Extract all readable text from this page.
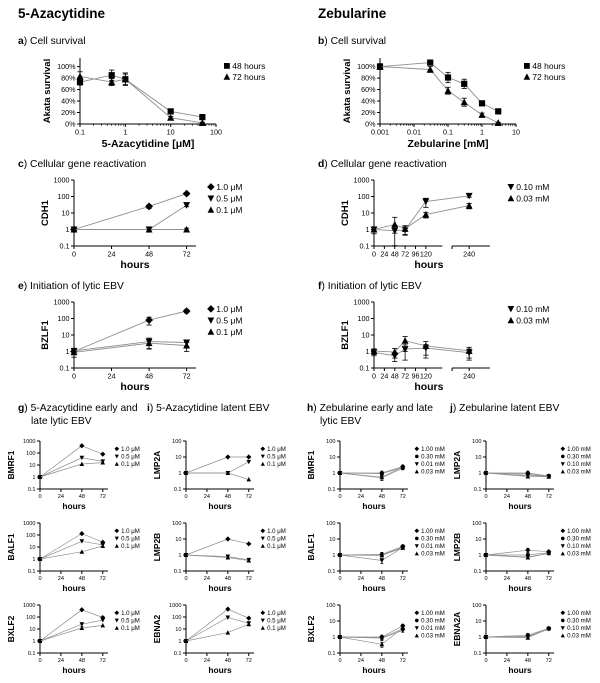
5-Azacytidine	Zebularine
a) Cell survival	b) Cell survival
0%
20%
40%
60%
80%
100%
0.1	1	10	100
Akata survival
5-Azacytidine [μM]
48 hours
72 hours
0%
20%
40%
60%
80%
100%
0.001	0.01	0.1	1	10
Akata survival
Zebularine [mM]
48 hours
72 hours
c) Cellular gene reactivation	d) Cellular gene reactivation
0.1
1
10
100
1000
0	24	48	72
CDH1
hours
1.0 μM
0.5 μM
0.1 μM
0.1
1
10
100
1000
0 24 48 72 96 120	240
CDH1
hours
0.10 mM
0.03 mM
e) Initiation of lytic EBV	f) Initiation of lytic EBV
0.1
1
10
100
1000
0	24	48	72
BZLF1
hours
1.0 μM
0.5 μM
0.1 μM
0.1
1
10
100
1000
0 24 48 72 96 120	240
BZLF1
hours
0.10 mM
0.03 mM
g) 5-Azacytidine early and late lytic EBV
i) 5-Azacytidine latent EBV	h) Zebularine early and late lytic EBV
j) Zebularine latent EBV
0.1
1
10
100
1000
0	24	48	72
BMRF1
hours
1.0 μM
0.5 μM
0.1 μM
0.1
1
10
100
0	24	48	72
LMP2A
hours
1.0 μM
0.5 μM
0.1 μM
0.1
1
10
100
0	24	48	72
BMRF1
hours
1.00 mM
0.30 mM
0.01 mM
0.03 mM
0.1
1
10
100
0	24	48	72
LMP2A
hours
1.00 mM
0.30 mM
0.10 mM
0.03 mM
0.1
1
10
100
1000
0	24	48	72
BALF1
hours
1.0 μM
0.5 μM
0.1 μM
0.1
1
10
100
0	24	48	72
LMP2B
hours
1.0 μM
0.5 μM
0.1 μM
0.1
1
10
100
0	24	48	72
BALF1
hours
1.00 mM
0.30 mM
0.01 mM
0.03 mM
0.1
1
10
100
0	24	48	72
LMP2B
hours
1.00 mM
0.30 mM
0.10 mM
0.03 mM
0.1
1
10
100
1000
0	24	48	72
BXLF2
hours
1.0 μM
0.5 μM
0.1 μM
0.1
1
10
100
1000
0	24	48	72
EBNA2
hours
1.0 μM
0.5 μM
0.1 μM
0.1
1
10
100
0	24	48	72
BXLF2
hours
1.00 mM
0.30 mM
0.01 mM
0.03 mM
0.1
1
10
100
0	24	48	72
EBNA2A
hours
1.00 mM
0.30 mM
0.10 mM
0.03 mM
